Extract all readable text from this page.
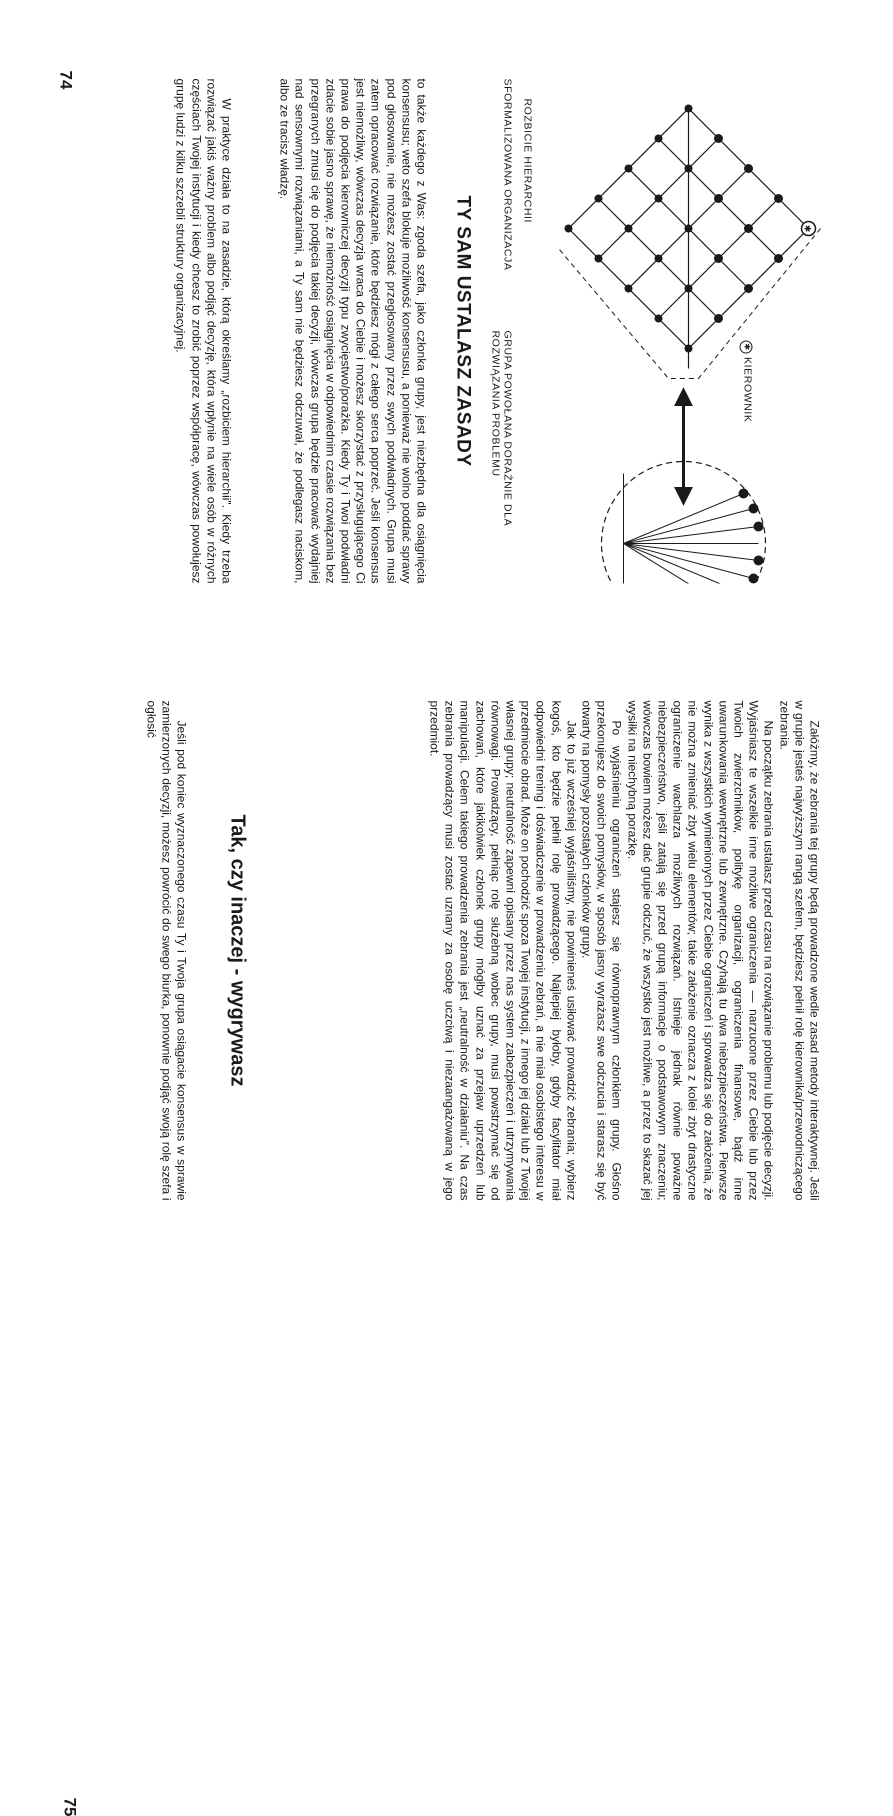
✱
ROZBICIE HIERARCHII
✱ KIEROWNIK
SFORMALIZOWANA ORGANIZACJA
GRUPA POWOŁANA DORAŹNIE DLA ROZWIĄZANIA PROBLEMU
TY SAM USTALASZ ZASADY

to także każdego z Was: zgoda szefa, jako członka grupy, jest niezbędna dla osiągnięcia konsensusu; weto szefa blokuje możliwość konsensusu, a ponieważ nie wolno poddać sprawy pod głosowanie, nie możesz zostać przegłosowany przez swych podwładnych. Grupa musi zatem opracować rozwiązanie, które będziesz mógł z całego serca poprzeć. Jeśli konsensus jest niemożliwy, wówczas decyzja wraca do Ciebie i możesz skorzystać z przysługującego Ci prawa do podjęcia kierowniczej decyzji typu zwycięstwo/porażka. Kiedy Ty i Twoi podwładni zdacie sobie jasno sprawę, że niemożność osiągnięcia w odpowiednim czasie rozwiązania bez przegranych zmusi cię do podjęcia takiej decyzji, wówczas grupa będzie pracować wydajniej nad sensownymi rozwiązaniami, a Ty sam nie będziesz odczuwał, że podlegasz naciskom, albo ze tracisz władzę.

W praktyce działa to na zasadzie, którą określamy „rozbiciem hierarchii". Kiedy trzeba rozwiązać jakiś ważny problem albo podjąć decyzję, która wpłynie na wiele osób w różnych częściach Twojej instytucji i kiedy chcesz to zrobić poprzez współpracę, wówczas powołujesz grupę ludzi z kilku szczebli struktury organizacyjnej.

74

Załóżmy, że zebrania tej grupy będą prowadzone wedle zasad metody interaktywnej. Jeśli w grupie jesteś najwyższym rangą szefem, będziesz pełnił rolę kierownika/przewodniczącego zebrania.

Na początku zebrania ustalasz przed czasu na rozwiązanie problemu lub podjęcie decyzji. Wyjaśniasz te wszelkie inne możliwe ograniczenia — narzucone przez Ciebie lub przez Twoich zwierzchników, politykę organizacji, ograniczenia finansowe, bądź inne uwarunkowania wewnętrzne lub zewnętrzne. Czyhają tu dwa niebezpieczeństwa. Pierwsze wynika z wszystkich wymienionych przez Ciebie ograniczeń i sprowadza się do założenia, że nie można zmieniać zbyt wielu elementów; takie założenie oznacza z kolei zbyt drastyczne ograniczenie wachlarza możliwych rozwiązań. Istnieje jednak równie poważne niebezpieczeństwo, jeśli zatają się przed grupą informacje o podstawowym znaczeniu; wówczas bowiem możesz dać grupie odczuć, że wszystko jest możliwe, a przez to skazać jej wysiłki na niechybną porażkę.

Po wyjaśnieniu ograniczeń stajesz się równoprawnym członkiem grupy. Głośno przekonujesz do swoich pomysłów, w sposób jasny wyrażasz swe odczucia i starasz się być otwarty na pomysły pozostałych członków grupy.

Jak to już wcześniej wyjaśniliśmy, nie powinieneś usiłować prowadzić zebrania; wybierz kogoś, kto będzie pełnił rolę prowadzącego. Najlepiej byłoby, gdyby facylitator miał odpowiedni trening i doświadczenie w prowadzeniu zebrań, a nie miał osobistego interesu w przedmiocie obrad. Może on pochodzić spoza Twojej instytucji, z innego jej działu lub z Twojej własnej grupy; neutralność zapewni opisany przez nas system zabezpieczeń i utrzymywania równowagi. Prowadzący, pełniąc rolę służebną wobec grupy, musi powstrzymać się od zachowań, które jakikolwiek członek grupy mógłby uznać za przejaw uprzedzeń lub manipulacji. Celem takiego prowadzenia zebrania jest „neutralność w działaniu". Na czas zebrania prowadzący musi zostać uznany za osobę uczciwą i niezaangażowaną w jego przedmiot.

Tak, czy inaczej - wygrywasz

Jeśli pod koniec wyznaczonego czasu Ty i Twoja grupa osiągacie konsensus w sprawie zamierzonych decyzji, możesz powrócić do swego biurka, ponownie podjąć swoją rolę szefa i ogłosić

75
